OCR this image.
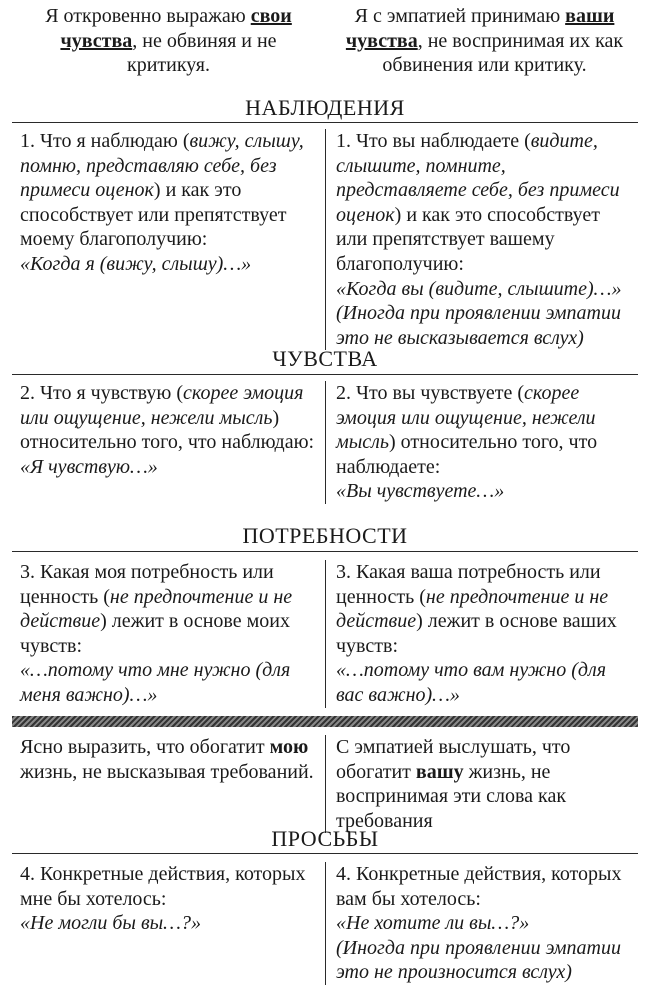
Я откровенно выражаю свои чувства, не обвиняя и не критикуя.
Я с эмпатией принимаю ваши чувства, не воспринимая их как обвинения или критику.
НАБЛЮДЕНИЯ
1. Что я наблюдаю (вижу, слышу, помню, представляю себе, без примеси оценок) и как это способствует или препятствует моему благополучию:
«Когда я (вижу, слышу)…»
1. Что вы наблюдаете (видите, слышите, помните, представляете себе, без примеси оценок) и как это способствует или препятствует вашему благополучию:
«Когда вы (видите, слышите)…»
(Иногда при проявлении эмпатии это не высказывается вслух)
ЧУВСТВА
2. Что я чувствую (скорее эмоция или ощущение, нежели мысль) относительно того, что наблюдаю:
«Я чувствую…»
2. Что вы чувствуете (скорее эмоция или ощущение, нежели мысль) относительно того, что наблюдаете:
«Вы чувствуете…»
ПОТРЕБНОСТИ
3. Какая моя потребность или ценность (не предпочтение и не действие) лежит в основе моих чувств:
«…потому что мне нужно (для меня важно)…»
3. Какая ваша потребность или ценность (не предпочтение и не действие) лежит в основе ваших чувств:
«…потому что вам нужно (для вас важно)…»
Ясно выразить, что обогатит мою жизнь, не высказывая требований.
С эмпатией выслушать, что обогатит вашу жизнь, не воспринимая эти слова как требования
ПРОСЬБЫ
4. Конкретные действия, которых мне бы хотелось:
«Не могли бы вы…?»
4. Конкретные действия, которых вам бы хотелось:
«Не хотите ли вы…?»
(Иногда при проявлении эмпатии это не произносится вслух)
